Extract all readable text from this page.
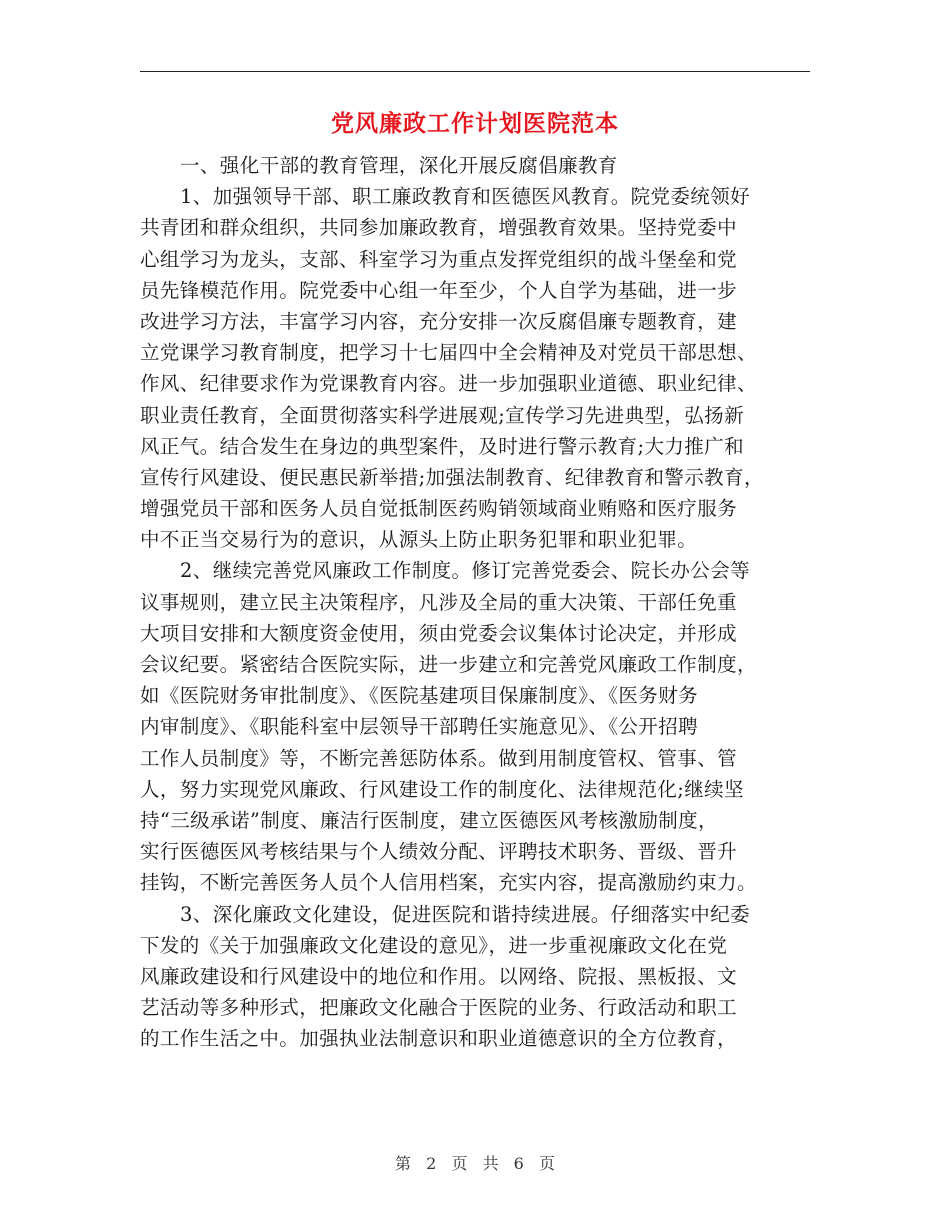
党风廉政工作计划医院范本
一、强化干部的教育管理，深化开展反腐倡廉教育
1、加强领导干部、职工廉政教育和医德医风教育。院党委统领好
共青团和群众组织，共同参加廉政教育，增强教育效果。坚持党委中
心组学习为龙头，支部、科室学习为重点发挥党组织的战斗堡垒和党
员先锋模范作用。院党委中心组一年至少，个人自学为基础，进一步
改进学习方法，丰富学习内容，充分安排一次反腐倡廉专题教育，建
立党课学习教育制度，把学习十七届四中全会精神及对党员干部思想、
作风、纪律要求作为党课教育内容。进一步加强职业道德、职业纪律、
职业责任教育，全面贯彻落实科学进展观;宣传学习先进典型，弘扬新
风正气。结合发生在身边的典型案件，及时进行警示教育;大力推广和
宣传行风建设、便民惠民新举措;加强法制教育、纪律教育和警示教育，
增强党员干部和医务人员自觉抵制医药购销领域商业贿赂和医疗服务
中不正当交易行为的意识，从源头上防止职务犯罪和职业犯罪。
2、继续完善党风廉政工作制度。修订完善党委会、院长办公会等
议事规则，建立民主决策程序，凡涉及全局的重大决策、干部任免重
大项目安排和大额度资金使用，须由党委会议集体讨论决定，并形成
会议纪要。紧密结合医院实际，进一步建立和完善党风廉政工作制度，
如《医院财务审批制度》、《医院基建项目保廉制度》、《医务财务
内审制度》、《职能科室中层领导干部聘任实施意见》、《公开招聘
工作人员制度》等，不断完善惩防体系。做到用制度管权、管事、管
人，努力实现党风廉政、行风建设工作的制度化、法律规范化;继续坚
持“三级承诺”制度、廉洁行医制度，建立医德医风考核激励制度，
实行医德医风考核结果与个人绩效分配、评聘技术职务、晋级、晋升
挂钩，不断完善医务人员个人信用档案，充实内容，提高激励约束力。
3、深化廉政文化建设，促进医院和谐持续进展。仔细落实中纪委
下发的《关于加强廉政文化建设的意见》，进一步重视廉政文化在党
风廉政建设和行风建设中的地位和作用。以网络、院报、黑板报、文
艺活动等多种形式，把廉政文化融合于医院的业务、行政活动和职工
的工作生活之中。加强执业法制意识和职业道德意识的全方位教育，
第 2 页 共 6 页
